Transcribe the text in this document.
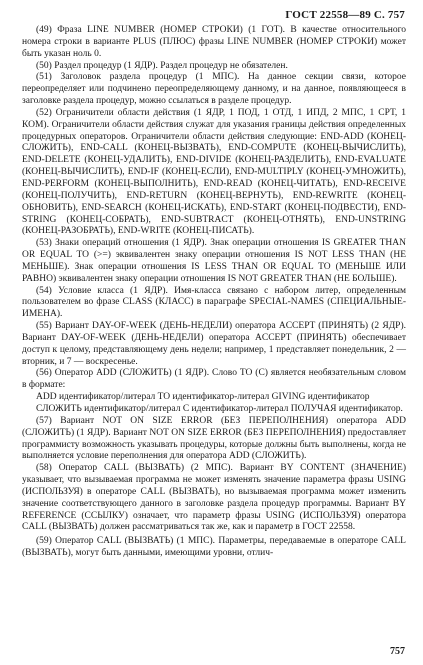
ГОСТ 22558—89 С. 757

(49) Фраза LINE NUMBER (НОМЕР СТРОКИ) (1 ГОТ). В качестве относительного номера строки в варианте PLUS (ПЛЮС) фразы LINE NUMBER (НОМЕР СТРОКИ) может быть указан ноль 0.

(50) Раздел процедур (1 ЯДР). Раздел процедур не обязателен.

(51) Заголовок раздела процедур (1 МПС). На данное секции связи, которое переопределяет или подчинено переопределяющему данному, и на данное, появляющееся в заголовке раздела процедур, можно ссылаться в разделе процедур.

(52) Ограничители области действия (1 ЯДР, 1 ПОД, 1 ОТД, 1 ИПД, 2 МПС, 1 СРТ, 1 КОМ). Ограничители области действия служат для указания границы действия определенных процедурных операторов. Ограничители области действия следующие: END-ADD (КОНЕЦ-СЛОЖИТЬ), END-CALL (КОНЕЦ-ВЫЗВАТЬ), END-COMPUTE (КОНЕЦ-ВЫЧИСЛИТЬ), END-DELETE (КОНЕЦ-УДАЛИТЬ), END-DIVIDE (КОНЕЦ-РАЗДЕЛИТЬ), END-EVALUATE (КОНЕЦ-ВЫЧИСЛИТЬ), END-IF (КОНЕЦ-ЕСЛИ), END-MULTIPLY (КОНЕЦ-УМНОЖИТЬ), END-PERFORM (КОНЕЦ-ВЫПОЛНИТЬ), END-READ (КОНЕЦ-ЧИТАТЬ), END-RECEIVE (КОНЕЦ-ПОЛУЧИТЬ), END-RETURN (КОНЕЦ-ВЕРНУТЬ), END-REWRITE (КОНЕЦ-ОБНОВИТЬ), END-SEARCH (КОНЕЦ-ИСКАТЬ), END-START (КОНЕЦ-ПОДВЕСТИ), END-STRING (КОНЕЦ-СОБРАТЬ), END-SUBTRACT (КОНЕЦ-ОТНЯТЬ), END-UNSTRING (КОНЕЦ-РАЗОБРАТЬ), END-WRITE (КОНЕЦ-ПИСАТЬ).

(53) Знаки операций отношения (1 ЯДР). Знак операции отношения IS GREATER THAN OR EQUAL TO (>=) эквивалентен знаку операции отношения IS NOT LESS THAN (НЕ МЕНЬШЕ). Знак операции отношения IS LESS THAN OR EQUAL TO (МЕНЬШЕ ИЛИ РАВНО) эквивалентен знаку операции отношения IS NOT GREATER THAN (НЕ БОЛЬШЕ).

(54) Условие класса (1 ЯДР). Имя-класса связано с набором литер, определенным пользователем во фразе CLASS (КЛАСС) в параграфе SPECIAL-NAMES (СПЕЦИАЛЬНЫЕ-ИМЕНА).

(55) Вариант DAY-OF-WEEK (ДЕНЬ-НЕДЕЛИ) оператора ACCEPT (ПРИНЯТЬ) (2 ЯДР). Вариант DAY-OF-WEEK (ДЕНЬ-НЕДЕЛИ) оператора ACCEPT (ПРИНЯТЬ) обеспечивает доступ к целому, представляющему день недели; например, 1 представляет понедельник, 2 — вторник, и 7 — воскресенье.

(56) Оператор ADD (СЛОЖИТЬ) (1 ЯДР). Слово TO (С) является необязательным словом в формате:

ADD идентификатор/литерал TO идентификатор-литерал GIVING идентификатор

СЛОЖИТЬ идентификатор/литерал С идентификатор-литерал ПОЛУЧАЯ идентификатор.

(57) Вариант NOT ON SIZE ERROR (БЕЗ ПЕРЕПОЛНЕНИЯ) оператора ADD (СЛОЖИТЬ) (1 ЯДР). Вариант NOT ON SIZE ERROR (БЕЗ ПЕРЕПОЛНЕНИЯ) предоставляет программисту возможность указывать процедуры, которые должны быть выполнены, когда не выполняется условие переполнения для оператора ADD (СЛОЖИТЬ).

(58) Оператор CALL (ВЫЗВАТЬ) (2 МПС). Вариант BY CONTENT (ЗНАЧЕНИЕ) указывает, что вызываемая программа не может изменять значение параметра фразы USING (ИСПОЛЬЗУЯ) в операторе CALL (ВЫЗВАТЬ), но вызываемая программа может изменить значение соответствующего данного в заголовке раздела процедур программы. Вариант BY REFERENCE (ССЫЛКУ) означает, что параметр фразы USING (ИСПОЛЬЗУЯ) оператора CALL (ВЫЗВАТЬ) должен рассматриваться так же, как и параметр в ГОСТ 22558.

(59) Оператор CALL (ВЫЗВАТЬ) (1 МПС). Параметры, передаваемые в операторе CALL (ВЫЗВАТЬ), могут быть данными, имеющими уровни, отлич-

757
